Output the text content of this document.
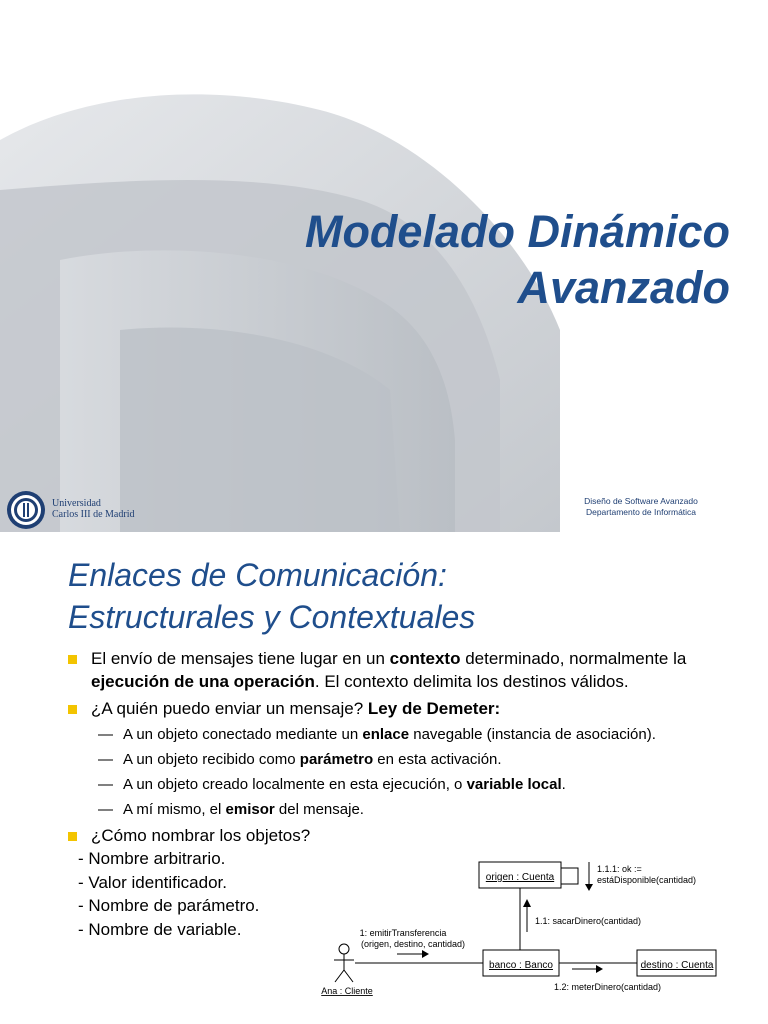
Modelado Dinámico
Avanzado
Universidad
Carlos III de Madrid
Diseño de Software Avanzado
Departamento de Informática
Enlaces de Comunicación:
Estructurales y Contextuales
El envío de mensajes tiene lugar en un contexto determinado, normalmente la ejecución de una operación. El contexto delimita los destinos válidos.
¿A quién puedo enviar un mensaje? Ley de Demeter:
— A un objeto conectado mediante un enlace navegable (instancia de asociación).
— A un objeto recibido como parámetro en esta activación.
— A un objeto creado localmente en esta ejecución, o variable local.
— A mí mismo, el emisor del mensaje.
¿Cómo nombrar los objetos?
- Nombre arbitrario.
- Valor identificador.
- Nombre de parámetro.
- Nombre de variable.
origen : Cuenta
1.1.1: ok :=
estáDisponible(cantidad)
1.1: sacarDinero(cantidad)
banco : Banco
1.2: meterDinero(cantidad)
destino : Cuenta
Ana : Cliente
1: emitirTransferencia
(origen, destino, cantidad)
